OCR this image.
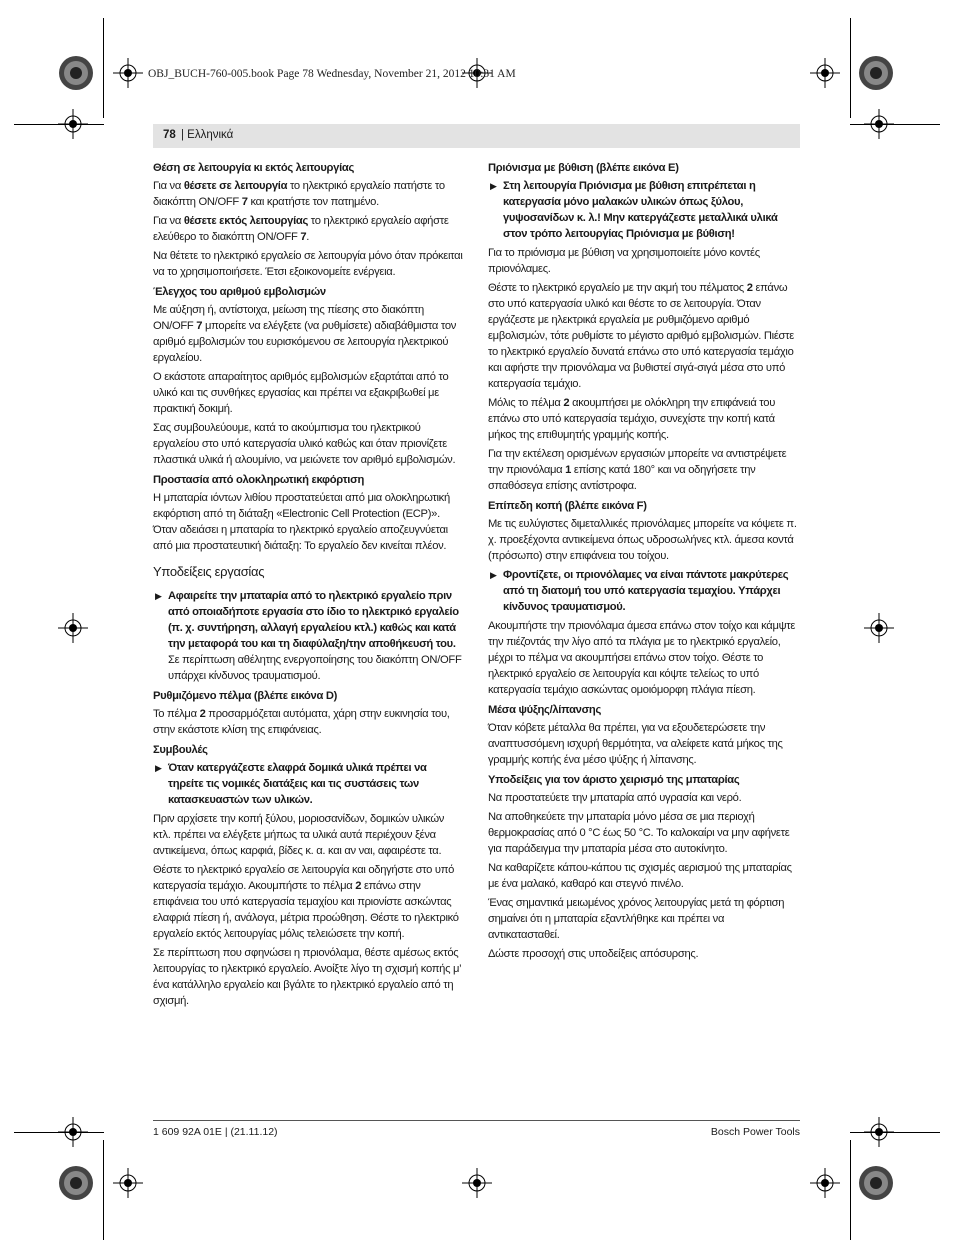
OBJ_BUCH-760-005.book Page 78 Wednesday, November 21, 2012 10:31 AM
78 | Ελληνικά
Θέση σε λειτουργία κι εκτός λειτουργίας

Για να θέσετε σε λειτουργία το ηλεκτρικό εργαλείο πατήστε το διακόπτη ON/OFF 7 και κρατήστε τον πατημένο.

Για να θέσετε εκτός λειτουργίας το ηλεκτρικό εργαλείο αφήστε ελεύθερο το διακόπτη ON/OFF 7.

Να θέτετε το ηλεκτρικό εργαλείο σε λειτουργία μόνο όταν πρόκειται να το χρησιμοποιήσετε. Έτσι εξοικονομείτε ενέργεια.

Έλεγχος του αριθμού εμβολισμών

Με αύξηση ή, αντίστοιχα, μείωση της πίεσης στο διακόπτη ON/OFF 7 μπορείτε να ελέγξετε (να ρυθμίσετε) αδιαβάθμιστα τον αριθμό εμβολισμών του ευρισκόμενου σε λειτουργία ηλεκτρικού εργαλείου.

Ο εκάστοτε απαραίτητος αριθμός εμβολισμών εξαρτάται από το υλικό και τις συνθήκες εργασίας και πρέπει να εξακριβωθεί με πρακτική δοκιμή.

Σας συμβουλεύουμε, κατά το ακούμπισμα του ηλεκτρικού εργαλείου στο υπό κατεργασία υλικό καθώς και όταν πριονίζετε πλαστικά υλικά ή αλουμίνιο, να μειώνετε τον αριθμό εμβολισμών.

Προστασία από ολοκληρωτική εκφόρτιση

Η μπαταρία ιόντων λιθίου προστατεύεται από μια ολοκληρωτική εκφόρτιση από τη διάταξη «Electronic Cell Protection (ECP)». Όταν αδειάσει η μπαταρία το ηλεκτρικό εργαλείο αποζευγνύεται από μια προστατευτική διάταξη: Το εργαλείο δεν κινείται πλέον.

Υποδείξεις εργασίας

▶ Αφαιρείτε την μπαταρία από το ηλεκτρικό εργαλείο πριν από οποιαδήποτε εργασία στο ίδιο το ηλεκτρικό εργαλείο (π. χ. συντήρηση, αλλαγή εργαλείου κτλ.) καθώς και κατά την μεταφορά του και τη διαφύλαξη/την αποθήκευσή του. Σε περίπτωση αθέλητης ενεργοποίησης του διακόπτη ON/OFF υπάρχει κίνδυνος τραυματισμού.

Ρυθμιζόμενο πέλμα (βλέπε εικόνα D)

Το πέλμα 2 προσαρμόζεται αυτόματα, χάρη στην ευκινησία του, στην εκάστοτε κλίση της επιφάνειας.

Συμβουλές

▶ Όταν κατεργάζεστε ελαφρά δομικά υλικά πρέπει να τηρείτε τις νομικές διατάξεις και τις συστάσεις των κατασκευαστών των υλικών.

Πριν αρχίσετε την κοπή ξύλου, μοριοσανίδων, δομικών υλικών κτλ. πρέπει να ελέγξετε μήπως τα υλικά αυτά περιέχουν ξένα αντικείμενα, όπως καρφιά, βίδες κ. α. και αν ναι, αφαιρέστε τα.

Θέστε το ηλεκτρικό εργαλείο σε λειτουργία και οδηγήστε στο υπό κατεργασία τεμάχιο. Ακουμπήστε το πέλμα 2 επάνω στην επιφάνεια του υπό κατεργασία τεμαχίου και πριονίστε ασκώντας ελαφριά πίεση ή, ανάλογα, μέτρια προώθηση. Θέστε το ηλεκτρικό εργαλείο εκτός λειτουργίας μόλις τελειώσετε την κοπή.

Σε περίπτωση που σφηνώσει η πριονόλαμα, θέστε αμέσως εκτός λειτουργίας το ηλεκτρικό εργαλείο. Ανοίξτε λίγο τη σχισμή κοπής μ’ ένα κατάλληλο εργαλείο και βγάλτε το ηλεκτρικό εργαλείο από τη σχισμή.

Πριόνισμα με βύθιση (βλέπε εικόνα E)

▶ Στη λειτουργία Πριόνισμα με βύθιση επιτρέπεται η κατεργασία μόνο μαλακών υλικών όπως ξύλου, γυψοσανίδων κ. λ.! Μην κατεργάζεστε μεταλλικά υλικά στον τρόπο λειτουργίας Πριόνισμα με βύθιση!

Για το πριόνισμα με βύθιση να χρησιμοποιείτε μόνο κοντές πριονόλαμες.

Θέστε το ηλεκτρικό εργαλείο με την ακμή του πέλματος 2 επάνω στο υπό κατεργασία υλικό και θέστε το σε λειτουργία. Όταν εργάζεστε με ηλεκτρικά εργαλεία με ρυθμιζόμενο αριθμό εμβολισμών, τότε ρυθμίστε το μέγιστο αριθμό εμβολισμών. Πιέστε το ηλεκτρικό εργαλείο δυνατά επάνω στο υπό κατεργασία τεμάχιο και αφήστε την πριονόλαμα να βυθιστεί σιγά-σιγά μέσα στο υπό κατεργασία τεμάχιο.

Μόλις το πέλμα 2 ακουμπήσει με ολόκληρη την επιφάνειά του επάνω στο υπό κατεργασία τεμάχιο, συνεχίστε την κοπή κατά μήκος της επιθυμητής γραμμής κοπής.

Για την εκτέλεση ορισμένων εργασιών μπορείτε να αντιστρέψετε την πριονόλαμα 1 επίσης κατά 180° και να οδηγήσετε την σπαθόσεγα επίσης αντίστροφα.

Επίπεδη κοπή (βλέπε εικόνα F)

Με τις ευλύγιστες διμεταλλικές πριονόλαμες μπορείτε να κόψετε π. χ. προεξέχοντα αντικείμενα όπως υδροσωλήνες κτλ. άμεσα κοντά (πρόσωπο) στην επιφάνεια του τοίχου.

▶ Φροντίζετε, οι πριονόλαμες να είναι πάντοτε μακρύτερες από τη διατομή του υπό κατεργασία τεμαχίου. Υπάρχει κίνδυνος τραυματισμού.

Ακουμπήστε την πριονόλαμα άμεσα επάνω στον τοίχο και κάμψτε την πιέζοντάς την λίγο από τα πλάγια με το ηλεκτρικό εργαλείο, μέχρι το πέλμα να ακουμπήσει επάνω στον τοίχο. Θέστε το ηλεκτρικό εργαλείο σε λειτουργία και κόψτε τελείως το υπό κατεργασία τεμάχιο ασκώντας ομοιόμορφη πλάγια πίεση.

Μέσα ψύξης/λίπανσης

Όταν κόβετε μέταλλα θα πρέπει, για να εξουδετερώσετε την αναπτυσσόμενη ισχυρή θερμότητα, να αλείφετε κατά μήκος της γραμμής κοπής ένα μέσο ψύξης ή λίπανσης.

Υποδείξεις για τον άριστο χειρισμό της μπαταρίας

Να προστατεύετε την μπαταρία από υγρασία και νερό.

Να αποθηκεύετε την μπαταρία μόνο μέσα σε μια περιοχή θερμοκρασίας από 0 °C έως 50 °C. Το καλοκαίρι να μην αφήνετε για παράδειγμα την μπαταρία μέσα στο αυτοκίνητο.

Να καθαρίζετε κάπου-κάπου τις σχισμές αερισμού της μπαταρίας με ένα μαλακό, καθαρό και στεγνό πινέλο.

Ένας σημαντικά μειωμένος χρόνος λειτουργίας μετά τη φόρτιση σημαίνει ότι η μπαταρία εξαντλήθηκε και πρέπει να αντικατασταθεί.

Δώστε προσοχή στις υποδείξεις απόσυρσης.

1 609 92A 01E | (21.11.12)	Bosch Power Tools
